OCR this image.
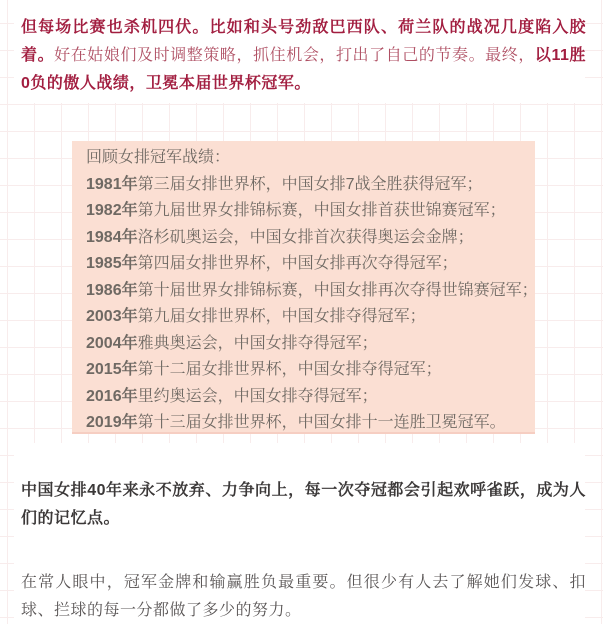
但每场比赛也杀机四伏。比如和头号劲敌巴西队、荷兰队的战况几度陷入胶着。好在姑娘们及时调整策略，抓住机会，打出了自己的节奏。最终，以11胜0负的傲人战绩，卫冕本届世界杯冠军。

回顾女排冠军战绩：
1981年第三届女排世界杯，中国女排7战全胜获得冠军；
1982年第九届世界女排锦标赛，中国女排首获世锦赛冠军；
1984年洛杉矶奥运会，中国女排首次获得奥运会金牌；
1985年第四届女排世界杯，中国女排再次夺得冠军；
1986年第十届世界女排锦标赛，中国女排再次夺得世锦赛冠军；
2003年第九届女排世界杯，中国女排夺得冠军；
2004年雅典奥运会，中国女排夺得冠军；
2015年第十二届女排世界杯，中国女排夺得冠军；
2016年里约奥运会，中国女排夺得冠军；
2019年第十三届女排世界杯，中国女排十一连胜卫冕冠军。

中国女排40年来永不放弃、力争向上，每一次夺冠都会引起欢呼雀跃，成为人们的记忆点。

在常人眼中，冠军金牌和输赢胜负最重要。但很少有人去了解她们发球、扣球、拦球的每一分都做了多少的努力。
